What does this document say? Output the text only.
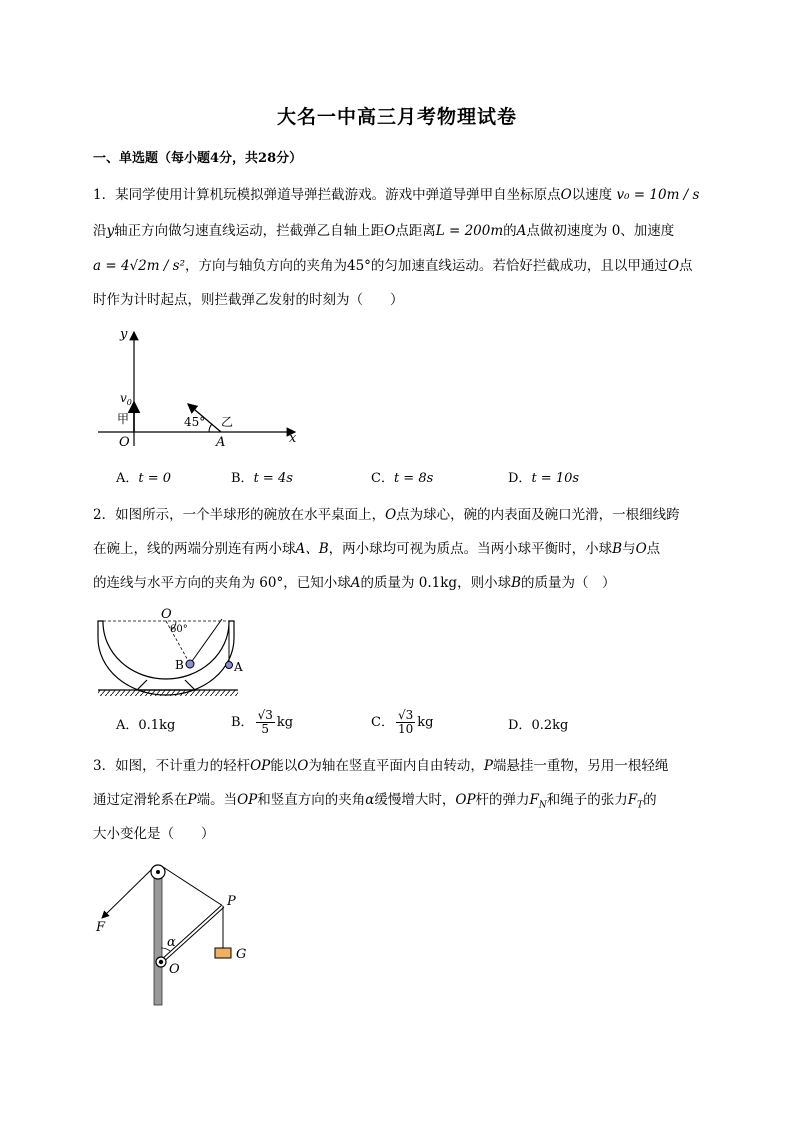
大名一中高三月考物理试卷
一、单选题（每小题4分，共28分）
1．某同学使用计算机玩模拟弹道导弹拦截游戏。游戏中弹道导弹甲自坐标原点O以速度 v₀ = 10m / s
沿y轴正方向做匀速直线运动，拦截弹乙自轴上距O点距离L = 200m的A点做初速度为 0、加速度
a = 4√2m / s²，方向与轴负方向的夹角为45°的匀加速直线运动。若恰好拦截成功，且以甲通过O点
时作为计时起点，则拦截弹乙发射的时刻为（　　）
y
x
$v_0$
甲
O	A
乙
45°
A．t = 0	B．t = 4s	C．t = 8s	D．t = 10s
2．如图所示，一个半球形的碗放在水平桌面上，O点为球心，碗的内表面及碗口光滑，一根细线跨
在碗上，线的两端分别连有两小球A、B，两小球均可视为质点。当两小球平衡时，小球B与O点
的连线与水平方向的夹角为 60°，已知小球A的质量为 0.1kg，则小球B的质量为（　）
O
60°
B	A
A．0.1kg	B． $\frac{√3}{5}$ kg	C． $\frac{√3}{10}$ kg	D．0.2kg
3．如图，不计重力的轻杆OP能以O为轴在竖直平面内自由转动，P端悬挂一重物，另用一根轻绳
通过定滑轮系在P端。当OP和竖直方向的夹角α缓慢增大时，OP杆的弹力$F_N$和绳子的张力$F_T$的
大小变化是（　　）
P
F
α
O
G
